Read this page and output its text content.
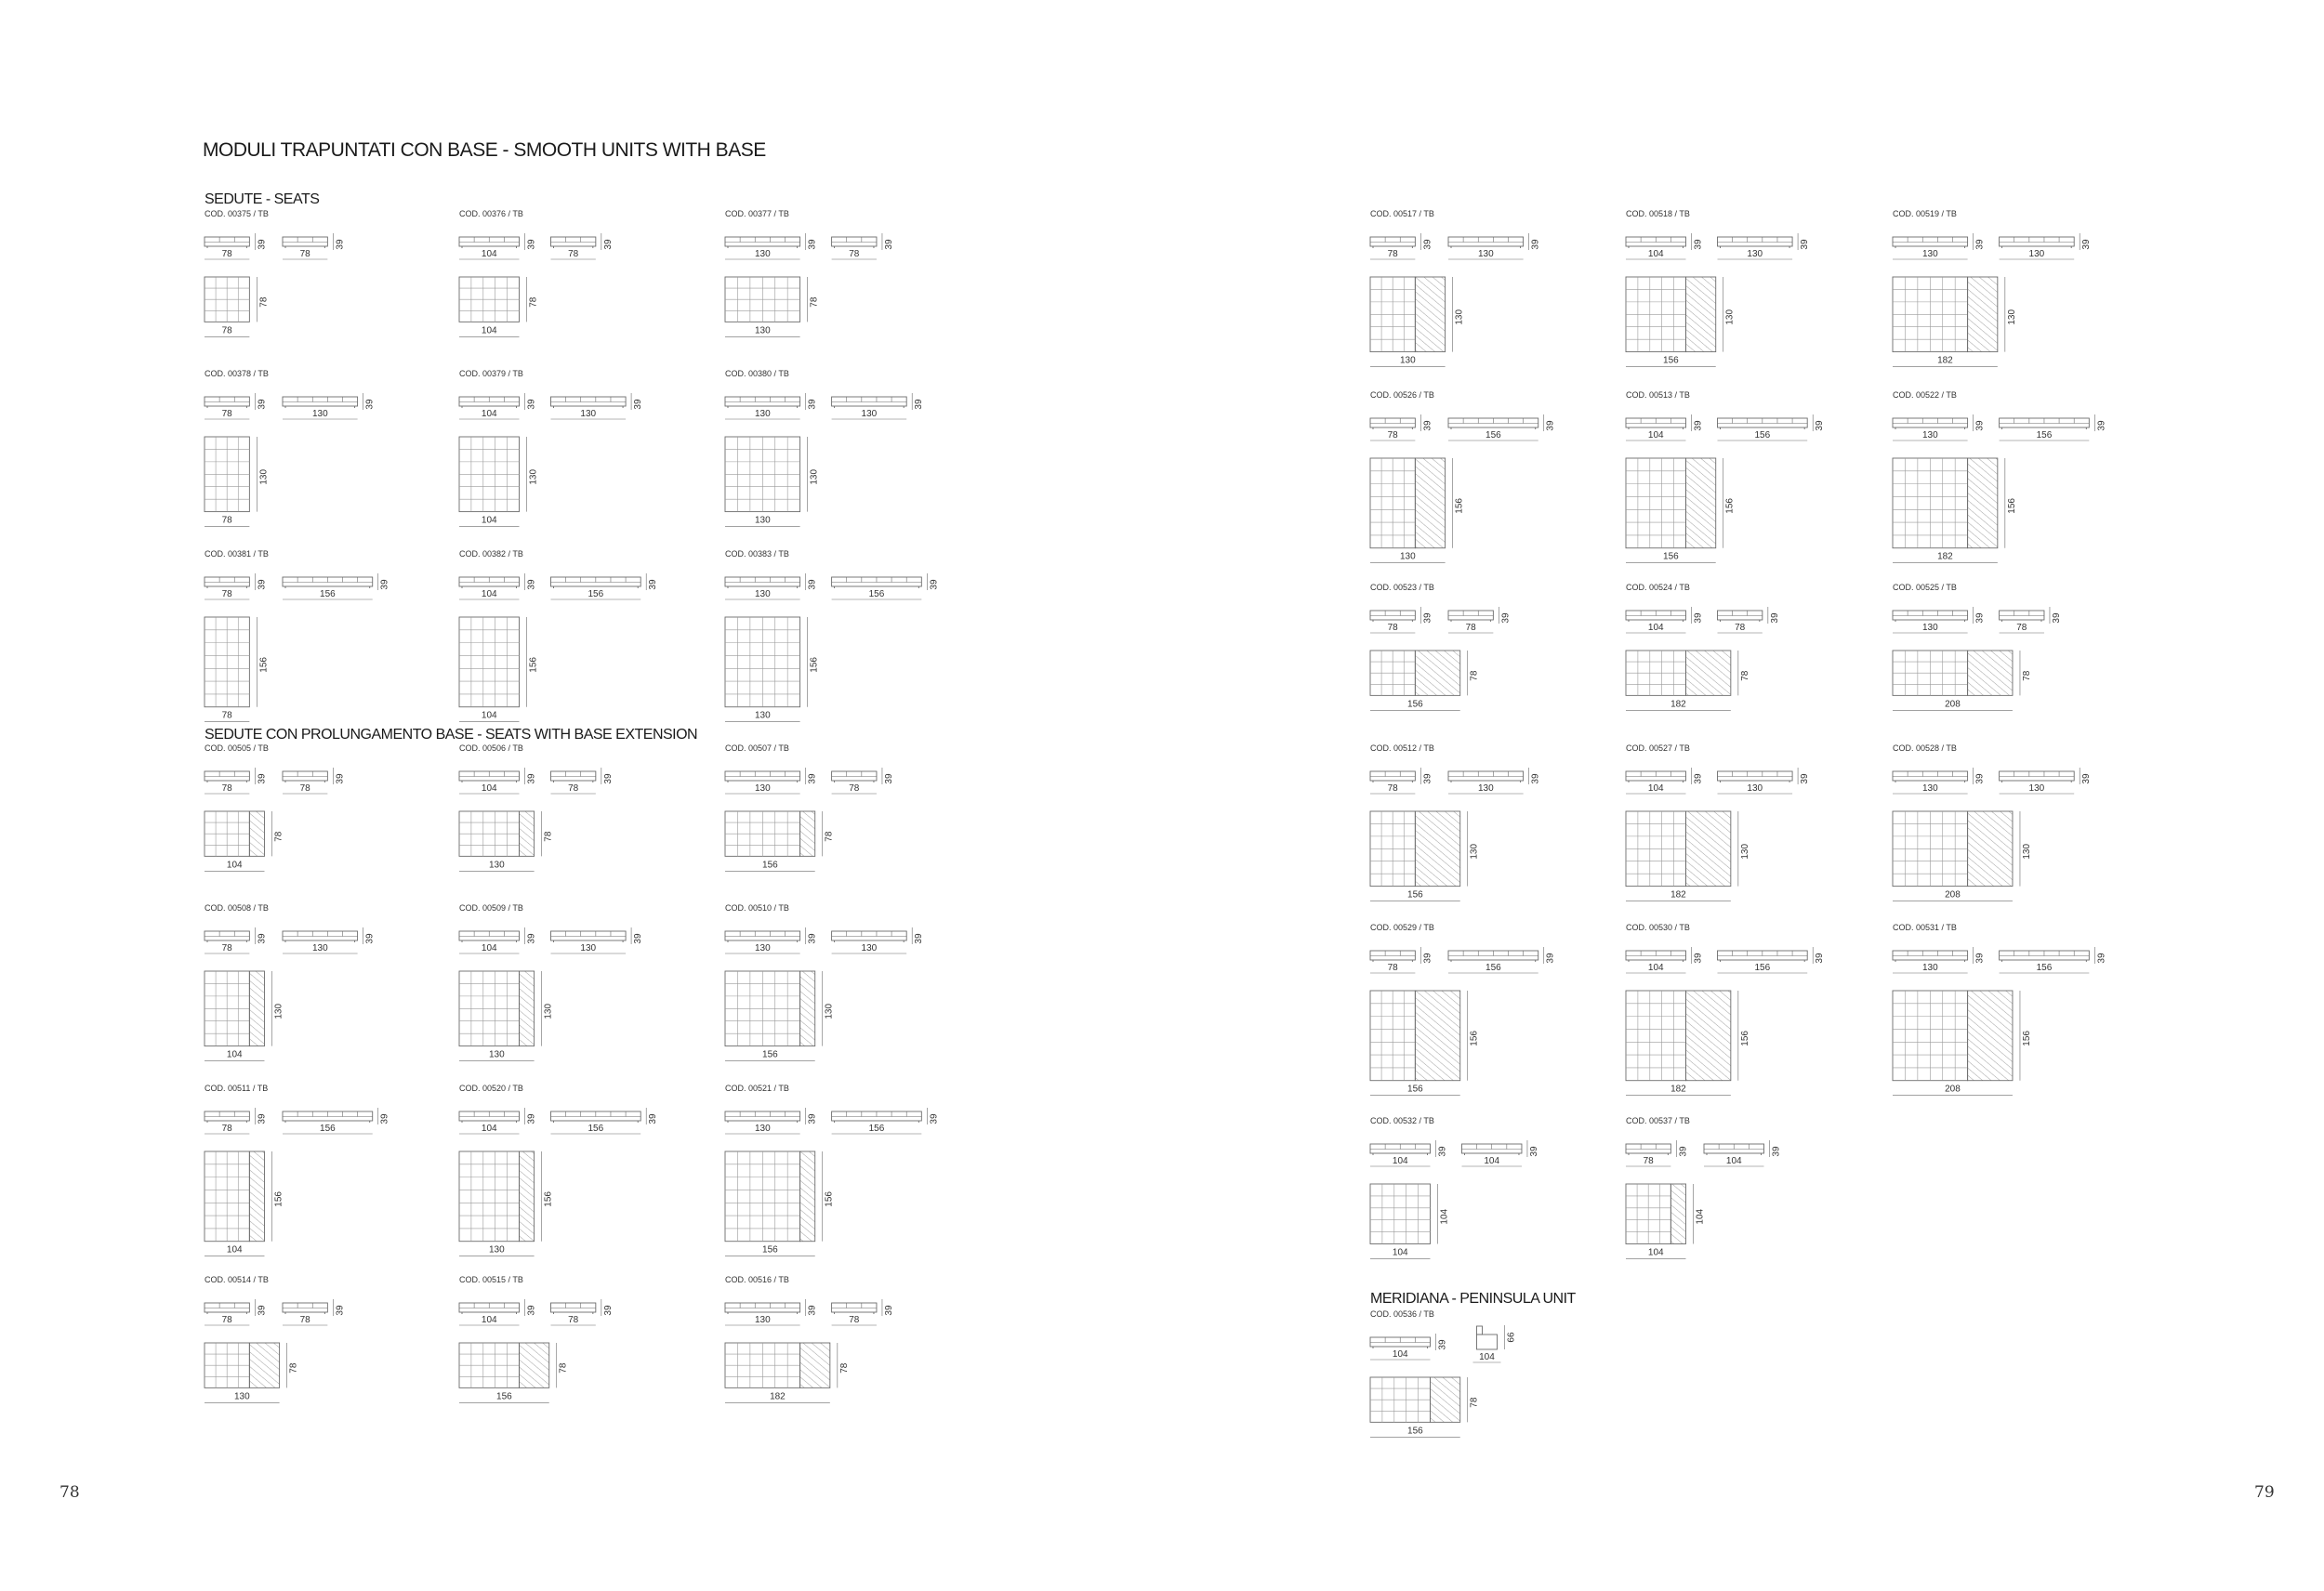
MODULI TRAPUNTATI CON BASE - SMOOTH UNITS WITH BASE
SEDUTE - SEATS
SEDUTE CON PROLUNGAMENTO BASE - SEATS WITH BASE EXTENSION
MERIDIANA - PENINSULA UNIT
78	79
COD. 00375 / TB
39
78
39
78
78
78
COD. 00376 / TB
39
104
39
78
78
104
COD. 00377 / TB
39
130
39
78
78
130
COD. 00378 / TB
39
78
39
130
130
78
COD. 00379 / TB
39
104
39
130
130
104
COD. 00380 / TB
39
130
39
130
130
130
COD. 00381 / TB
39
78
39
156
156
78
COD. 00382 / TB
39
104
39
156
156
104
COD. 00383 / TB
39
130
39
156
156
130
COD. 00505 / TB
39
78
39
78
78
104
COD. 00506 / TB
39
104
39
78
78
130
COD. 00507 / TB
39
130
39
78
78
156
COD. 00508 / TB
39
78
39
130
130
104
COD. 00509 / TB
39
104
39
130
130
130
COD. 00510 / TB
39
130
39
130
130
156
COD. 00511 / TB
39
78
39
156
156
104
COD. 00520 / TB
39
104
39
156
156
130
COD. 00521 / TB
39
130
39
156
156
156
COD. 00514 / TB
39
78
39
78
78
130
COD. 00515 / TB
39
104
39
78
78
156
COD. 00516 / TB
39
130
39
78
78
182
COD. 00517 / TB
39
78
39
130
130
130
COD. 00518 / TB
39
104
39
130
130
156
COD. 00519 / TB
39
130
39
130
130
182
COD. 00526 / TB
39
78
39
156
156
130
COD. 00513 / TB
39
104
39
156
156
156
COD. 00522 / TB
39
130
39
156
156
182
COD. 00523 / TB
39
78
39
78
78
156
COD. 00524 / TB
39
104
39
78
78
182
COD. 00525 / TB
39
130
39
78
78
208
COD. 00512 / TB
39
78
39
130
130
156
COD. 00527 / TB
39
104
39
130
130
182
COD. 00528 / TB
39
130
39
130
130
208
COD. 00529 / TB
39
78
39
156
156
156
COD. 00530 / TB
39
104
39
156
156
182
COD. 00531 / TB
39
130
39
156
156
208
COD. 00532 / TB
39
104
39
104
104
104
COD. 00537 / TB
39
78
39
104
104
104
COD. 00536 / TB
39
104
66
104
78
156
